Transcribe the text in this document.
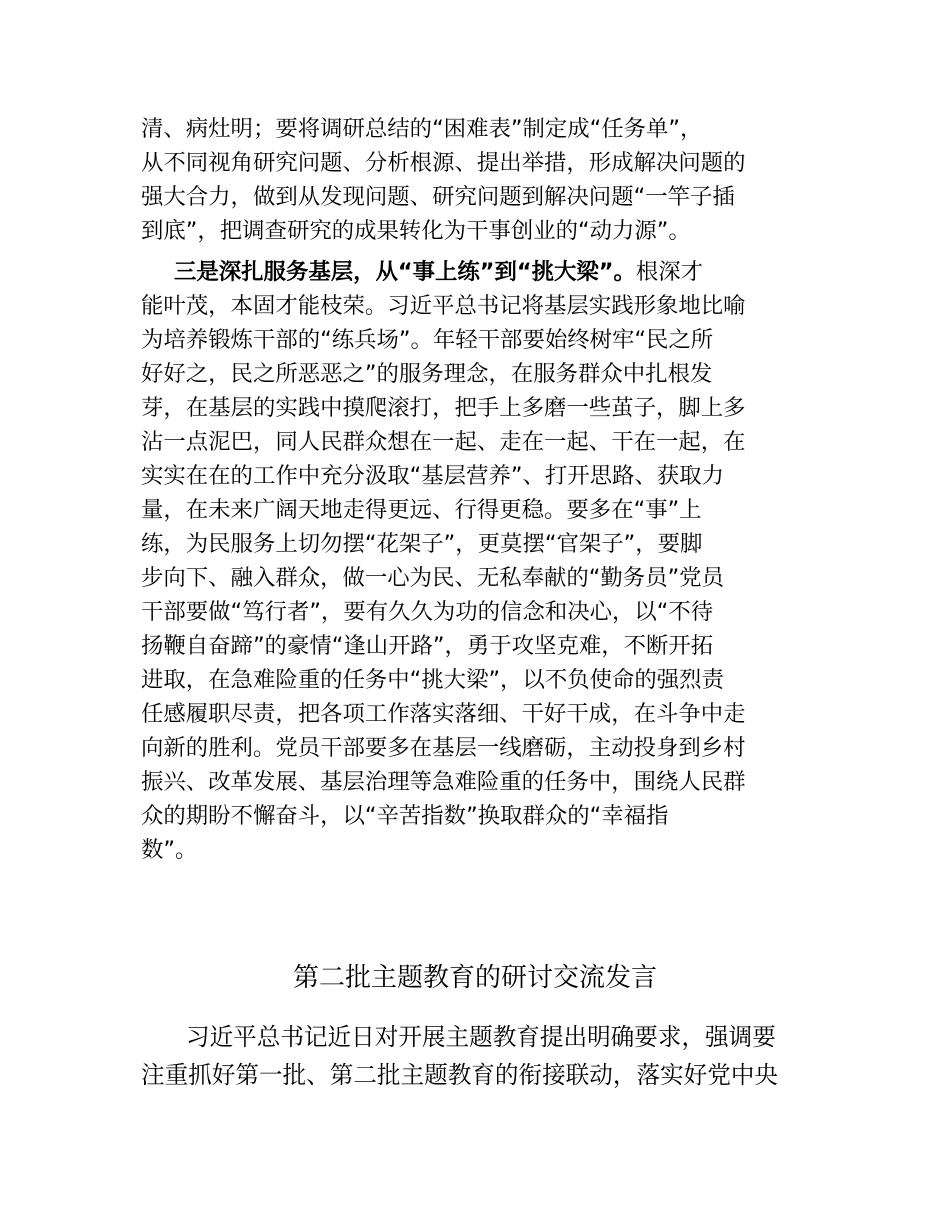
清、病灶明；要将调研总结的“困难表”制定成“任务单”，
从不同视角研究问题、分析根源、提出举措，形成解决问题的
强大合力，做到从发现问题、研究问题到解决问题“一竿子插
到底”，把调查研究的成果转化为干事创业的“动力源”。
三是深扎服务基层，从“事上练”到“挑大梁”。根深才
能叶茂，本固才能枝荣。习近平总书记将基层实践形象地比喻
为培养锻炼干部的“练兵场”。年轻干部要始终树牢“民之所
好好之，民之所恶恶之”的服务理念，在服务群众中扎根发
芽，在基层的实践中摸爬滚打，把手上多磨一些茧子，脚上多
沾一点泥巴，同人民群众想在一起、走在一起、干在一起，在
实实在在的工作中充分汲取“基层营养”、打开思路、获取力
量，在未来广阔天地走得更远、行得更稳。要多在“事”上
练，为民服务上切勿摆“花架子”，更莫摆“官架子”，要脚
步向下、融入群众，做一心为民、无私奉献的“勤务员”党员
干部要做“笃行者”，要有久久为功的信念和决心，以“不待
扬鞭自奋蹄”的豪情“逢山开路”，勇于攻坚克难，不断开拓
进取，在急难险重的任务中“挑大梁”，以不负使命的强烈责
任感履职尽责，把各项工作落实落细、干好干成，在斗争中走
向新的胜利。党员干部要多在基层一线磨砺，主动投身到乡村
振兴、改革发展、基层治理等急难险重的任务中，围绕人民群
众的期盼不懈奋斗，以“辛苦指数”换取群众的“幸福指
数”。
第二批主题教育的研讨交流发言
习近平总书记近日对开展主题教育提出明确要求，强调要
注重抓好第一批、第二批主题教育的衔接联动，落实好党中央
